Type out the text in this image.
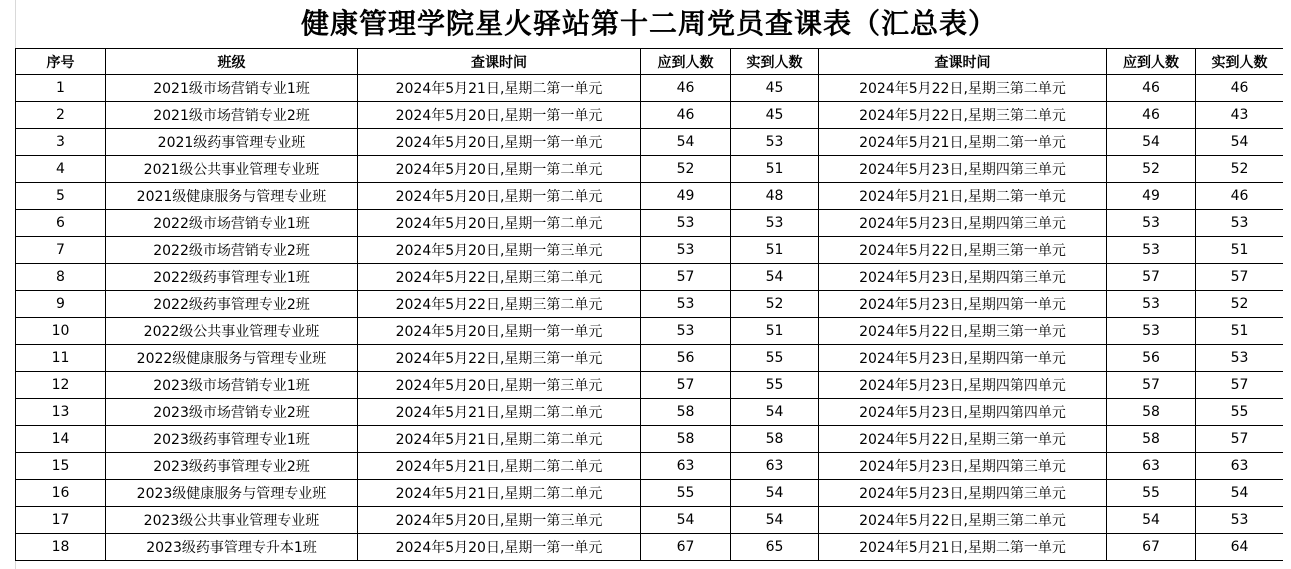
健康管理学院星火驿站第十二周党员查课表（汇总表）
序号	班级	查课时间	应到人数	实到人数	查课时间	应到人数	实到人数
1	2021级市场营销专业1班	2024年5月21日,星期二第一单元	46	45	2024年5月22日,星期三第二单元	46	46
2	2021级市场营销专业2班	2024年5月20日,星期一第一单元	46	45	2024年5月22日,星期三第二单元	46	43
3	2021级药事管理专业班	2024年5月20日,星期一第一单元	54	53	2024年5月21日,星期二第一单元	54	54
4	2021级公共事业管理专业班	2024年5月20日,星期一第二单元	52	51	2024年5月23日,星期四第三单元	52	52
5	2021级健康服务与管理专业班	2024年5月20日,星期一第二单元	49	48	2024年5月21日,星期二第一单元	49	46
6	2022级市场营销专业1班	2024年5月20日,星期一第二单元	53	53	2024年5月23日,星期四第三单元	53	53
7	2022级市场营销专业2班	2024年5月20日,星期一第三单元	53	51	2024年5月22日,星期三第一单元	53	51
8	2022级药事管理专业1班	2024年5月22日,星期三第二单元	57	54	2024年5月23日,星期四第三单元	57	57
9	2022级药事管理专业2班	2024年5月22日,星期三第二单元	53	52	2024年5月23日,星期四第一单元	53	52
10	2022级公共事业管理专业班	2024年5月20日,星期一第一单元	53	51	2024年5月22日,星期三第一单元	53	51
11	2022级健康服务与管理专业班	2024年5月22日,星期三第一单元	56	55	2024年5月23日,星期四第一单元	56	53
12	2023级市场营销专业1班	2024年5月20日,星期一第三单元	57	55	2024年5月23日,星期四第四单元	57	57
13	2023级市场营销专业2班	2024年5月21日,星期二第二单元	58	54	2024年5月23日,星期四第四单元	58	55
14	2023级药事管理专业1班	2024年5月21日,星期二第二单元	58	58	2024年5月22日,星期三第一单元	58	57
15	2023级药事管理专业2班	2024年5月21日,星期二第二单元	63	63	2024年5月23日,星期四第三单元	63	63
16	2023级健康服务与管理专业班	2024年5月21日,星期二第二单元	55	54	2024年5月23日,星期四第三单元	55	54
17	2023级公共事业管理专业班	2024年5月20日,星期一第三单元	54	54	2024年5月22日,星期三第二单元	54	53
18	2023级药事管理专升本1班	2024年5月20日,星期一第一单元	67	65	2024年5月21日,星期二第一单元	67	64
